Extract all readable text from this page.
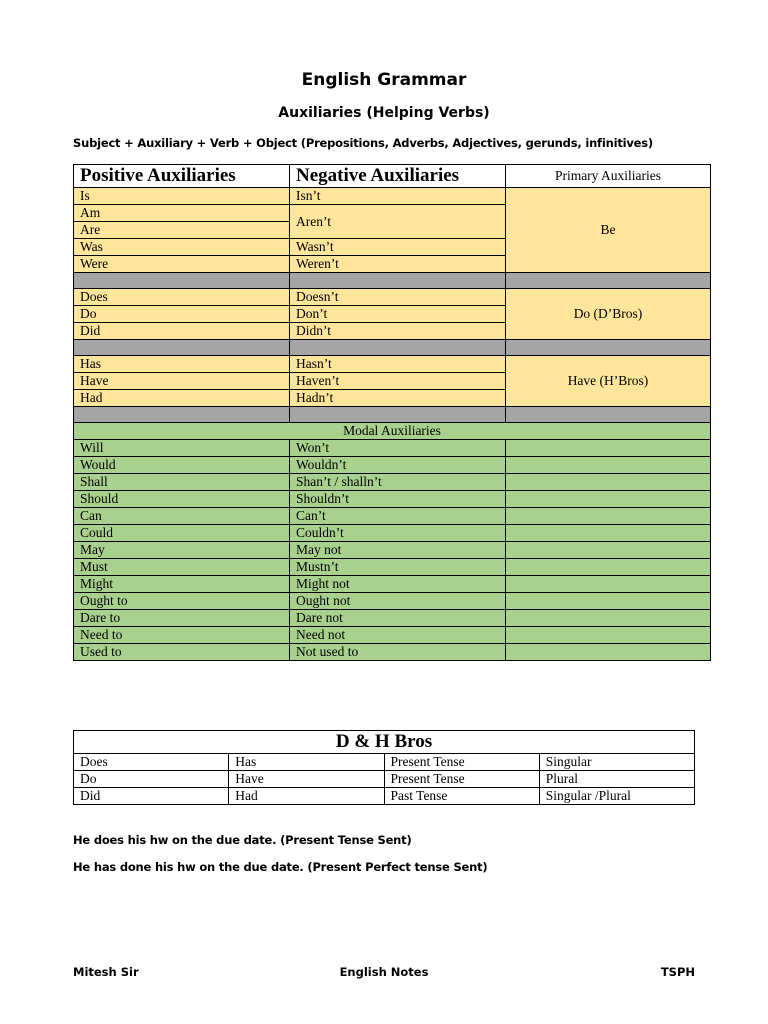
English Grammar
Auxiliaries (Helping Verbs)
Subject + Auxiliary + Verb + Object (Prepositions, Adverbs, Adjectives, gerunds, infinitives)
Positive Auxiliaries	Negative Auxiliaries	Primary Auxiliaries
Is	Isn’t	Be
Am	Aren’t	
Are		
Was	Wasn’t	
Were	Weren’t	

Does	Doesn’t	Do (D’Bros)
Do	Don’t	
Did	Didn’t	

Has	Hasn’t	Have (H’Bros)
Have	Haven’t	
Had	Hadn’t	

Modal Auxiliaries		
Will	Won’t	
Would	Wouldn’t	
Shall	Shan’t / shalln’t	
Should	Shouldn’t	
Can	Can’t	
Could	Couldn’t	
May	May not	
Must	Mustn’t	
Might	Might not	
Ought to	Ought not	
Dare to	Dare not	
Need to	Need not	
Used to	Not used to	
D & H Bros			
Does	Has	Present Tense	Singular
Do	Have	Present Tense	Plural
Did	Had	Past Tense	Singular /Plural
He does his hw on the due date. (Present Tense Sent)
He has done his hw on the due date. (Present Perfect tense Sent)
English Notes
Mitesh Sir	TSPH
